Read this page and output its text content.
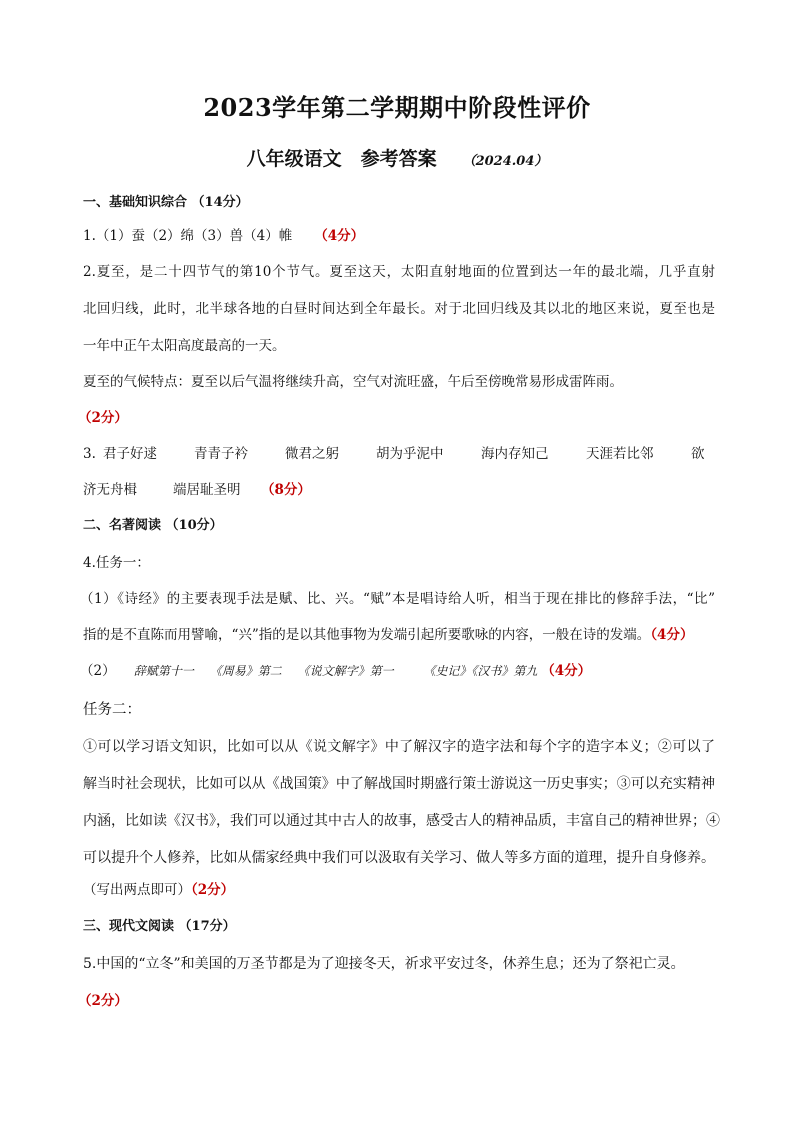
2023学年第二学期期中阶段性评价
八年级语文　参考答案 （2024.04）
一、基础知识综合 （14分）
1.（1）蚕（2）绵（3）兽（4）帷 （4分）
2.夏至，是二十四节气的第10个节气。夏至这天，太阳直射地面的位置到达一年的最北端，几乎直射
北回归线，此时，北半球各地的白昼时间达到全年最长。对于北回归线及其以北的地区来说，夏至也是
一年中正午太阳高度最高的一天。
夏至的气候特点：夏至以后气温将继续升高，空气对流旺盛，午后至傍晚常易形成雷阵雨。
（2分）
3. 君子好逑	青青子衿	微君之躬	胡为乎泥中	海内存知己	天涯若比邻	欲
济无舟楫	端居耻圣明 （8分）
二、名著阅读 （10分）
4.任务一：
（1）《诗经》的主要表现手法是赋、比、兴。“赋”本是唱诗给人听，相当于现在排比的修辞手法，“比”
指的是不直陈而用譬喻，“兴”指的是以其他事物为发端引起所要歌咏的内容，一般在诗的发端。（4分）
（2） 辞赋第十一 《周易》第二 《说文解字》第一 《史记》《汉书》第九 （4分）
任务二：
①可以学习语文知识，比如可以从《说文解字》中了解汉字的造字法和每个字的造字本义；②可以了
解当时社会现状，比如可以从《战国策》中了解战国时期盛行策士游说这一历史事实；③可以充实精神
内涵，比如读《汉书》，我们可以通过其中古人的故事，感受古人的精神品质，丰富自己的精神世界；④
可以提升个人修养，比如从儒家经典中我们可以汲取有关学习、做人等多方面的道理，提升自身修养。
（写出两点即可）（2分）
三、现代文阅读 （17分）
5.中国的“立冬”和美国的万圣节都是为了迎接冬天，祈求平安过冬，休养生息；还为了祭祀亡灵。
（2分）
